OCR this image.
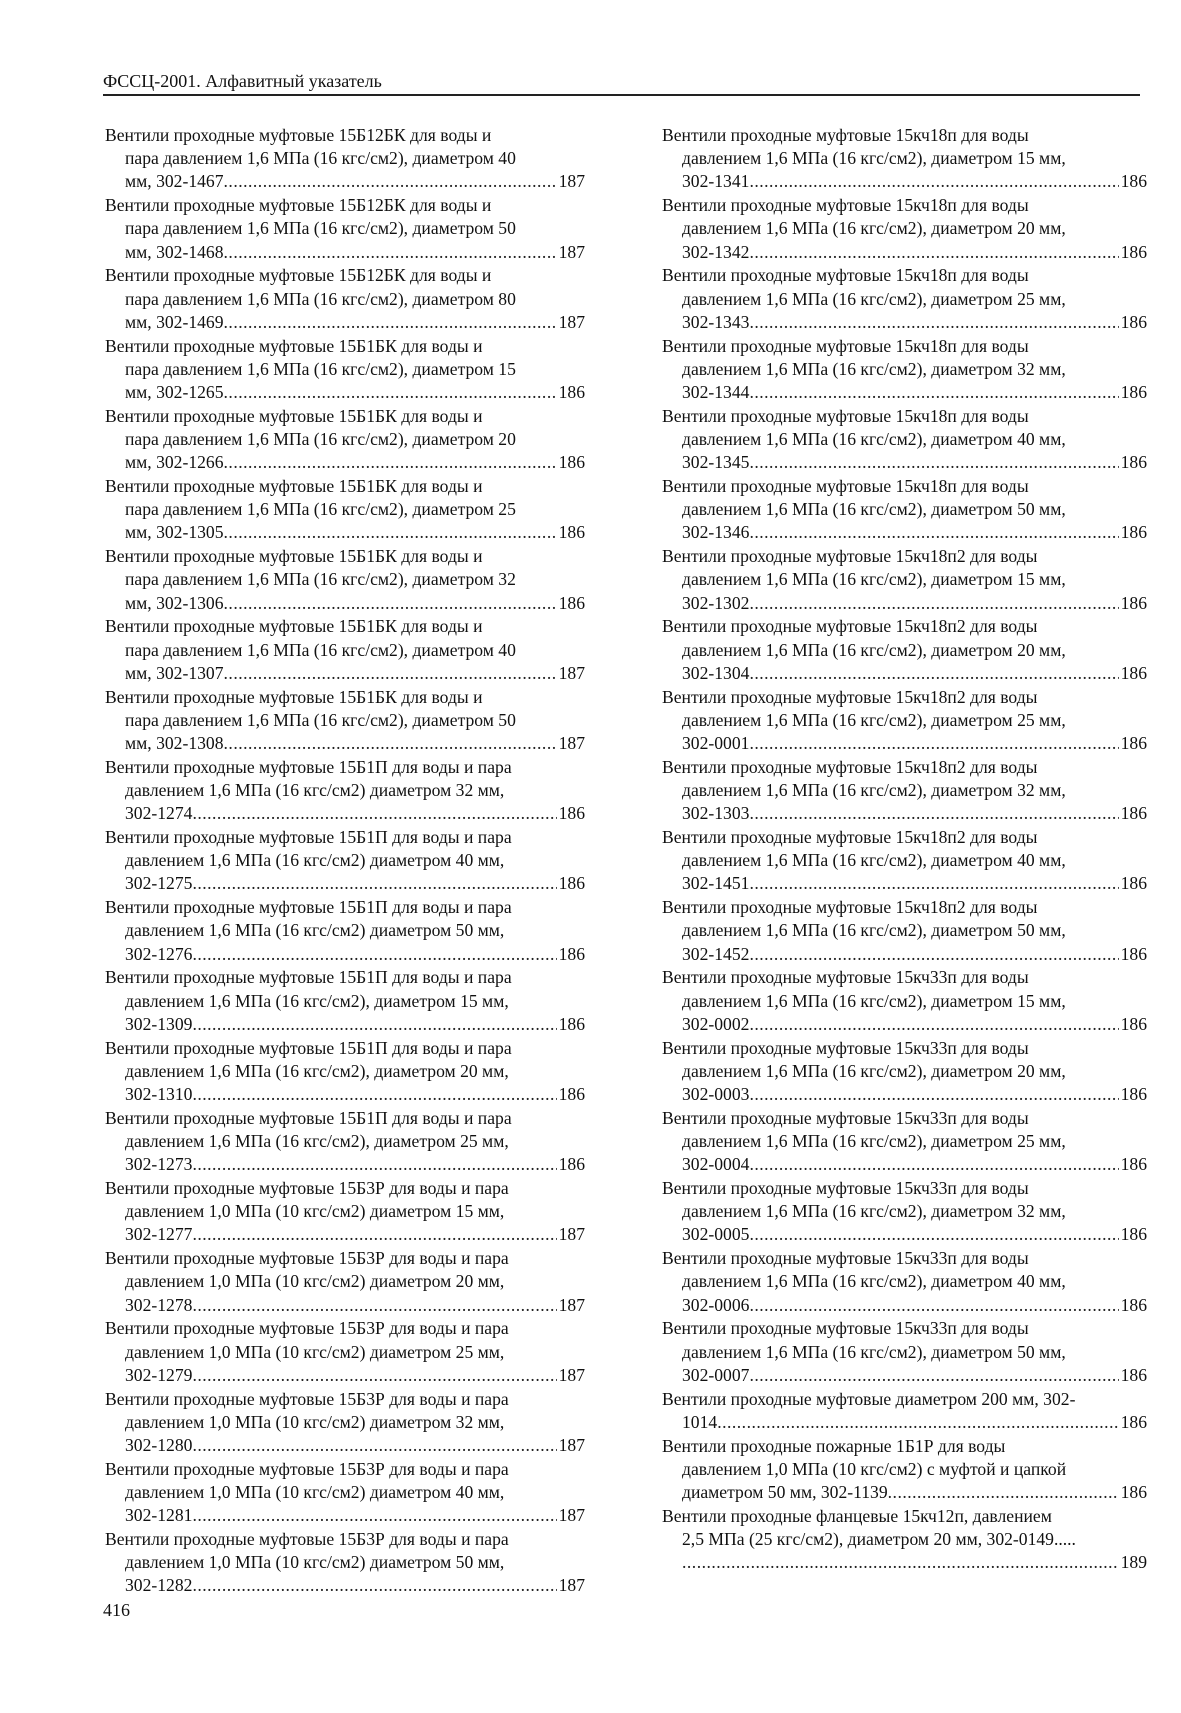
ФССЦ-2001. Алфавитный указатель
Вентили проходные муфтовые 15Б12БК для воды и
пара давлением 1,6 МПа (16 кгс/см2), диаметром 40
мм, 302-1467 .....	187
Вентили проходные муфтовые 15Б12БК для воды и
пара давлением 1,6 МПа (16 кгс/см2), диаметром 50
мм, 302-1468 .....	187
Вентили проходные муфтовые 15Б12БК для воды и
пара давлением 1,6 МПа (16 кгс/см2), диаметром 80
мм, 302-1469 .....	187
Вентили проходные муфтовые 15Б1БК для воды и
пара давлением 1,6 МПа (16 кгс/см2), диаметром 15
мм, 302-1265 .....	186
Вентили проходные муфтовые 15Б1БК для воды и
пара давлением 1,6 МПа (16 кгс/см2), диаметром 20
мм, 302-1266 .....	186
Вентили проходные муфтовые 15Б1БК для воды и
пара давлением 1,6 МПа (16 кгс/см2), диаметром 25
мм, 302-1305 .....	186
Вентили проходные муфтовые 15Б1БК для воды и
пара давлением 1,6 МПа (16 кгс/см2), диаметром 32
мм, 302-1306 .....	186
Вентили проходные муфтовые 15Б1БК для воды и
пара давлением 1,6 МПа (16 кгс/см2), диаметром 40
мм, 302-1307 .....	187
Вентили проходные муфтовые 15Б1БК для воды и
пара давлением 1,6 МПа (16 кгс/см2), диаметром 50
мм, 302-1308 .....	187
Вентили проходные муфтовые 15Б1П для воды и пара
давлением 1,6 МПа (16 кгс/см2) диаметром 32 мм,
302-1274 .....	186
Вентили проходные муфтовые 15Б1П для воды и пара
давлением 1,6 МПа (16 кгс/см2) диаметром 40 мм,
302-1275 .....	186
Вентили проходные муфтовые 15Б1П для воды и пара
давлением 1,6 МПа (16 кгс/см2) диаметром 50 мм,
302-1276 .....	186
Вентили проходные муфтовые 15Б1П для воды и пара
давлением 1,6 МПа (16 кгс/см2), диаметром 15 мм,
302-1309 .....	186
Вентили проходные муфтовые 15Б1П для воды и пара
давлением 1,6 МПа (16 кгс/см2), диаметром 20 мм,
302-1310 .....	186
Вентили проходные муфтовые 15Б1П для воды и пара
давлением 1,6 МПа (16 кгс/см2), диаметром 25 мм,
302-1273 .....	186
Вентили проходные муфтовые 15Б3Р для воды и пара
давлением 1,0 МПа (10 кгс/см2) диаметром 15 мм,
302-1277 .....	187
Вентили проходные муфтовые 15Б3Р для воды и пара
давлением 1,0 МПа (10 кгс/см2) диаметром 20 мм,
302-1278 .....	187
Вентили проходные муфтовые 15Б3Р для воды и пара
давлением 1,0 МПа (10 кгс/см2) диаметром 25 мм,
302-1279 .....	187
Вентили проходные муфтовые 15Б3Р для воды и пара
давлением 1,0 МПа (10 кгс/см2) диаметром 32 мм,
302-1280 .....	187
Вентили проходные муфтовые 15Б3Р для воды и пара
давлением 1,0 МПа (10 кгс/см2) диаметром 40 мм,
302-1281 .....	187
Вентили проходные муфтовые 15Б3Р для воды и пара
давлением 1,0 МПа (10 кгс/см2) диаметром 50 мм,
302-1282 .....	187
Вентили проходные муфтовые 15кч18п для воды
давлением 1,6 МПа (16 кгс/см2), диаметром 15 мм,
302-1341 .....	186
Вентили проходные муфтовые 15кч18п для воды
давлением 1,6 МПа (16 кгс/см2), диаметром 20 мм,
302-1342 .....	186
Вентили проходные муфтовые 15кч18п для воды
давлением 1,6 МПа (16 кгс/см2), диаметром 25 мм,
302-1343 .....	186
Вентили проходные муфтовые 15кч18п для воды
давлением 1,6 МПа (16 кгс/см2), диаметром 32 мм,
302-1344 .....	186
Вентили проходные муфтовые 15кч18п для воды
давлением 1,6 МПа (16 кгс/см2), диаметром 40 мм,
302-1345 .....	186
Вентили проходные муфтовые 15кч18п для воды
давлением 1,6 МПа (16 кгс/см2), диаметром 50 мм,
302-1346 .....	186
Вентили проходные муфтовые 15кч18п2 для воды
давлением 1,6 МПа (16 кгс/см2), диаметром 15 мм,
302-1302 .....	186
Вентили проходные муфтовые 15кч18п2 для воды
давлением 1,6 МПа (16 кгс/см2), диаметром 20 мм,
302-1304 .....	186
Вентили проходные муфтовые 15кч18п2 для воды
давлением 1,6 МПа (16 кгс/см2), диаметром 25 мм,
302-0001 .....	186
Вентили проходные муфтовые 15кч18п2 для воды
давлением 1,6 МПа (16 кгс/см2), диаметром 32 мм,
302-1303 .....	186
Вентили проходные муфтовые 15кч18п2 для воды
давлением 1,6 МПа (16 кгс/см2), диаметром 40 мм,
302-1451 .....	186
Вентили проходные муфтовые 15кч18п2 для воды
давлением 1,6 МПа (16 кгс/см2), диаметром 50 мм,
302-1452 .....	186
Вентили проходные муфтовые 15кч33п для воды
давлением 1,6 МПа (16 кгс/см2), диаметром 15 мм,
302-0002 .....	186
Вентили проходные муфтовые 15кч33п для воды
давлением 1,6 МПа (16 кгс/см2), диаметром 20 мм,
302-0003 .....	186
Вентили проходные муфтовые 15кч33п для воды
давлением 1,6 МПа (16 кгс/см2), диаметром 25 мм,
302-0004 .....	186
Вентили проходные муфтовые 15кч33п для воды
давлением 1,6 МПа (16 кгс/см2), диаметром 32 мм,
302-0005 .....	186
Вентили проходные муфтовые 15кч33п для воды
давлением 1,6 МПа (16 кгс/см2), диаметром 40 мм,
302-0006 .....	186
Вентили проходные муфтовые 15кч33п для воды
давлением 1,6 МПа (16 кгс/см2), диаметром 50 мм,
302-0007 .....	186
Вентили проходные муфтовые диаметром 200 мм, 302-
1014 .....	186
Вентили проходные пожарные 1Б1Р для воды
давлением 1,0 МПа (10 кгс/см2) с муфтой и цапкой
диаметром 50 мм, 302-1139 .....	186
Вентили проходные фланцевые 15кч12п, давлением
2,5 МПа (25 кгс/см2), диаметром 20 мм, 302-0149.....
.....
189
416
